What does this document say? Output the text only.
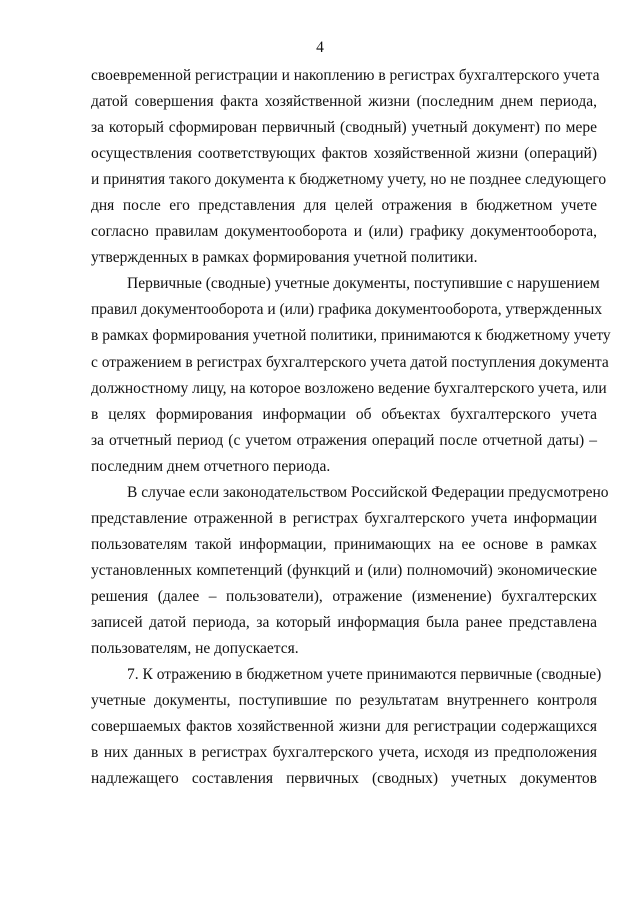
4
своевременной регистрации и накоплению в регистрах бухгалтерского учета
датой совершения факта хозяйственной жизни (последним днем периода,
за который сформирован первичный (сводный) учетный документ) по мере
осуществления соответствующих фактов хозяйственной жизни (операций)
и принятия такого документа к бюджетному учету, но не позднее следующего
дня после его представления для целей отражения в бюджетном учете
согласно правилам документооборота и (или) графику документооборота,
утвержденных в рамках формирования учетной политики.
Первичные (сводные) учетные документы, поступившие с нарушением
правил документооборота и (или) графика документооборота, утвержденных
в рамках формирования учетной политики, принимаются к бюджетному учету
с отражением в регистрах бухгалтерского учета датой поступления документа
должностному лицу, на которое возложено ведение бухгалтерского учета, или
в целях формирования информации об объектах бухгалтерского учета
за отчетный период (с учетом отражения операций после отчетной даты) –
последним днем отчетного периода.
В случае если законодательством Российской Федерации предусмотрено
представление отраженной в регистрах бухгалтерского учета информации
пользователям такой информации, принимающих на ее основе в рамках
установленных компетенций (функций и (или) полномочий) экономические
решения (далее – пользователи), отражение (изменение) бухгалтерских
записей датой периода, за который информация была ранее представлена
пользователям, не допускается.
7. К отражению в бюджетном учете принимаются первичные (сводные)
учетные документы, поступившие по результатам внутреннего контроля
совершаемых фактов хозяйственной жизни для регистрации содержащихся
в них данных в регистрах бухгалтерского учета, исходя из предположения
надлежащего составления первичных (сводных) учетных документов
